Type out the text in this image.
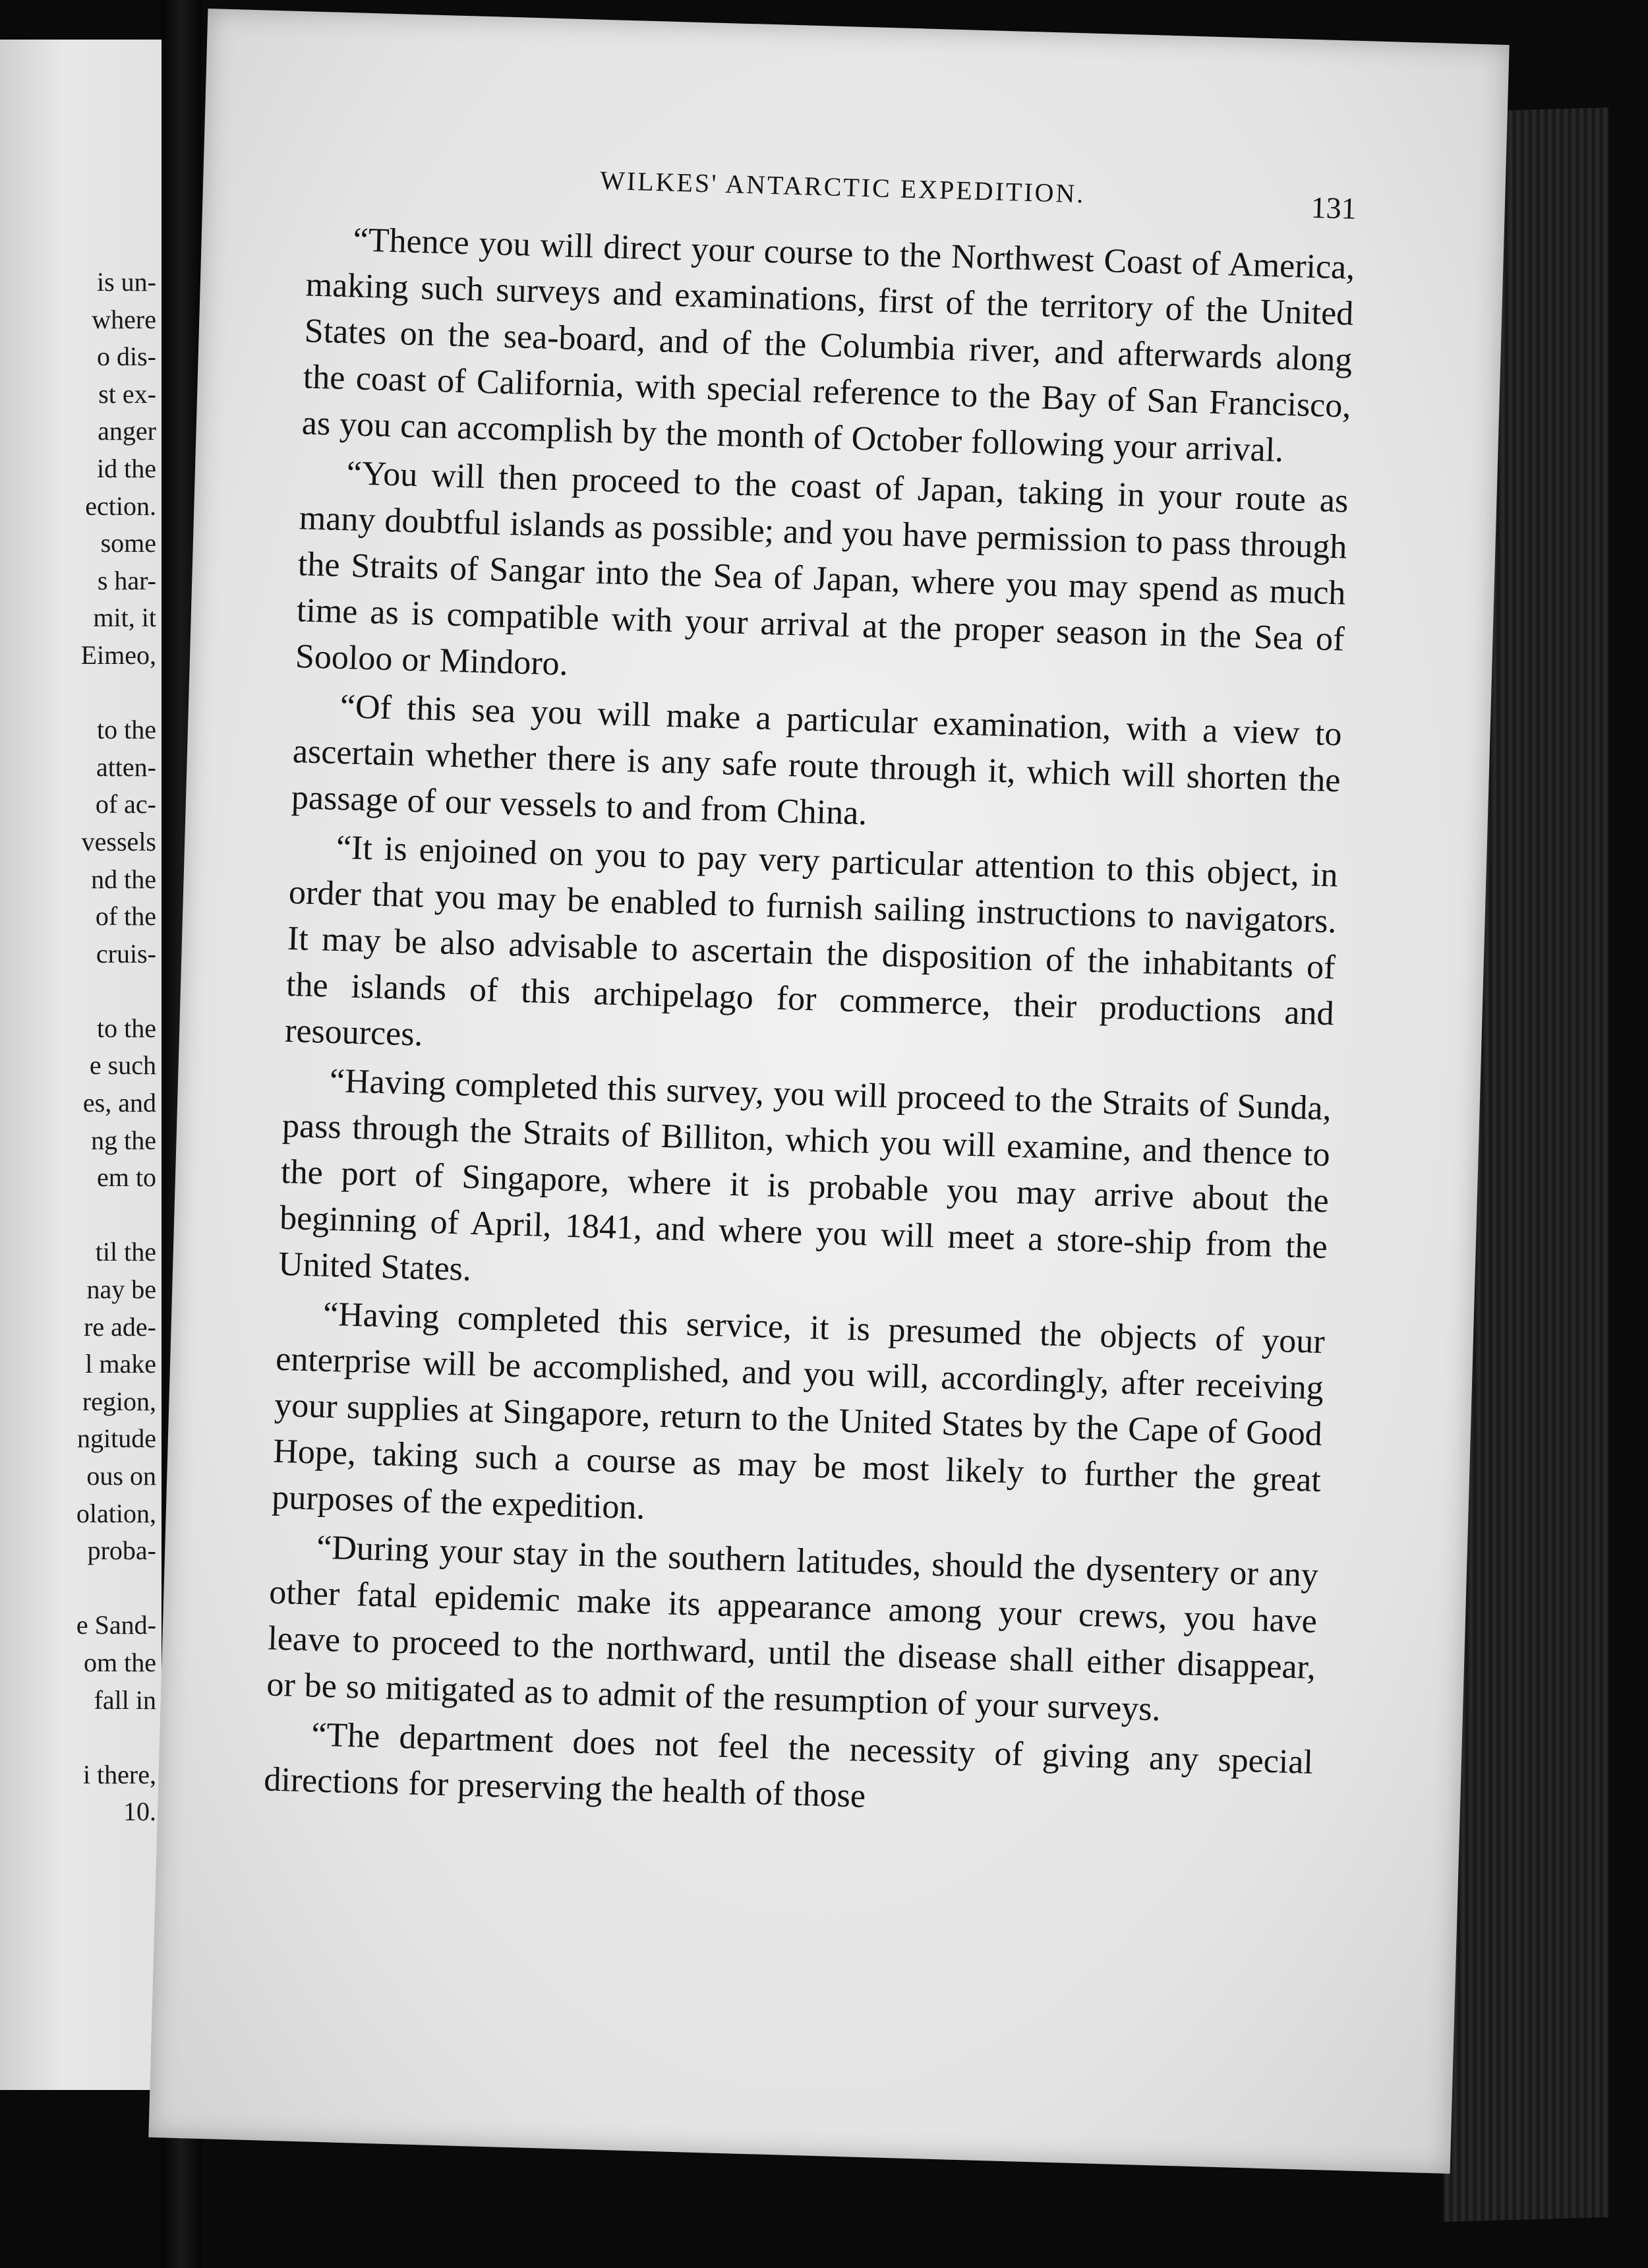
is un-
where
o dis-
st ex-
anger
id the
ection.
some
s har-
mit, it
Eimeo,
to the
atten-
of ac-
vessels
nd the
of the
cruis-
to the
e such
es, and
ng the
em to
til the
nay be
re ade-
l make
region,
ngitude
ous on
olation,
proba-
e Sand-
om the
fall in
i there,
10.
WILKES' ANTARCTIC EXPEDITION.	131

“Thence you will direct your course to the Northwest Coast of America, making such surveys and examinations, first of the territory of the United States on the sea-board, and of the Columbia river, and afterwards along the coast of California, with special reference to the Bay of San Francisco, as you can accomplish by the month of October following your arrival.

“You will then proceed to the coast of Japan, taking in your route as many doubtful islands as possible; and you have permission to pass through the Straits of Sangar into the Sea of Japan, where you may spend as much time as is compatible with your arrival at the proper season in the Sea of Sooloo or Mindoro.

“Of this sea you will make a particular examination, with a view to ascertain whether there is any safe route through it, which will shorten the passage of our vessels to and from China.

“It is enjoined on you to pay very particular attention to this object, in order that you may be enabled to furnish sailing instructions to navigators. It may be also advisable to ascertain the disposition of the inhabitants of the islands of this archipelago for commerce, their productions and resources.

“Having completed this survey, you will proceed to the Straits of Sunda, pass through the Straits of Billiton, which you will examine, and thence to the port of Singapore, where it is probable you may arrive about the beginning of April, 1841, and where you will meet a store-ship from the United States.

“Having completed this service, it is presumed the objects of your enterprise will be accomplished, and you will, accordingly, after receiving your supplies at Singapore, return to the United States by the Cape of Good Hope, taking such a course as may be most likely to further the great purposes of the expedition.

“During your stay in the southern latitudes, should the dysentery or any other fatal epidemic make its appearance among your crews, you have leave to proceed to the northward, until the disease shall either disappear, or be so mitigated as to admit of the resumption of your surveys.

“The department does not feel the necessity of giving any special directions for preserving the health of those
